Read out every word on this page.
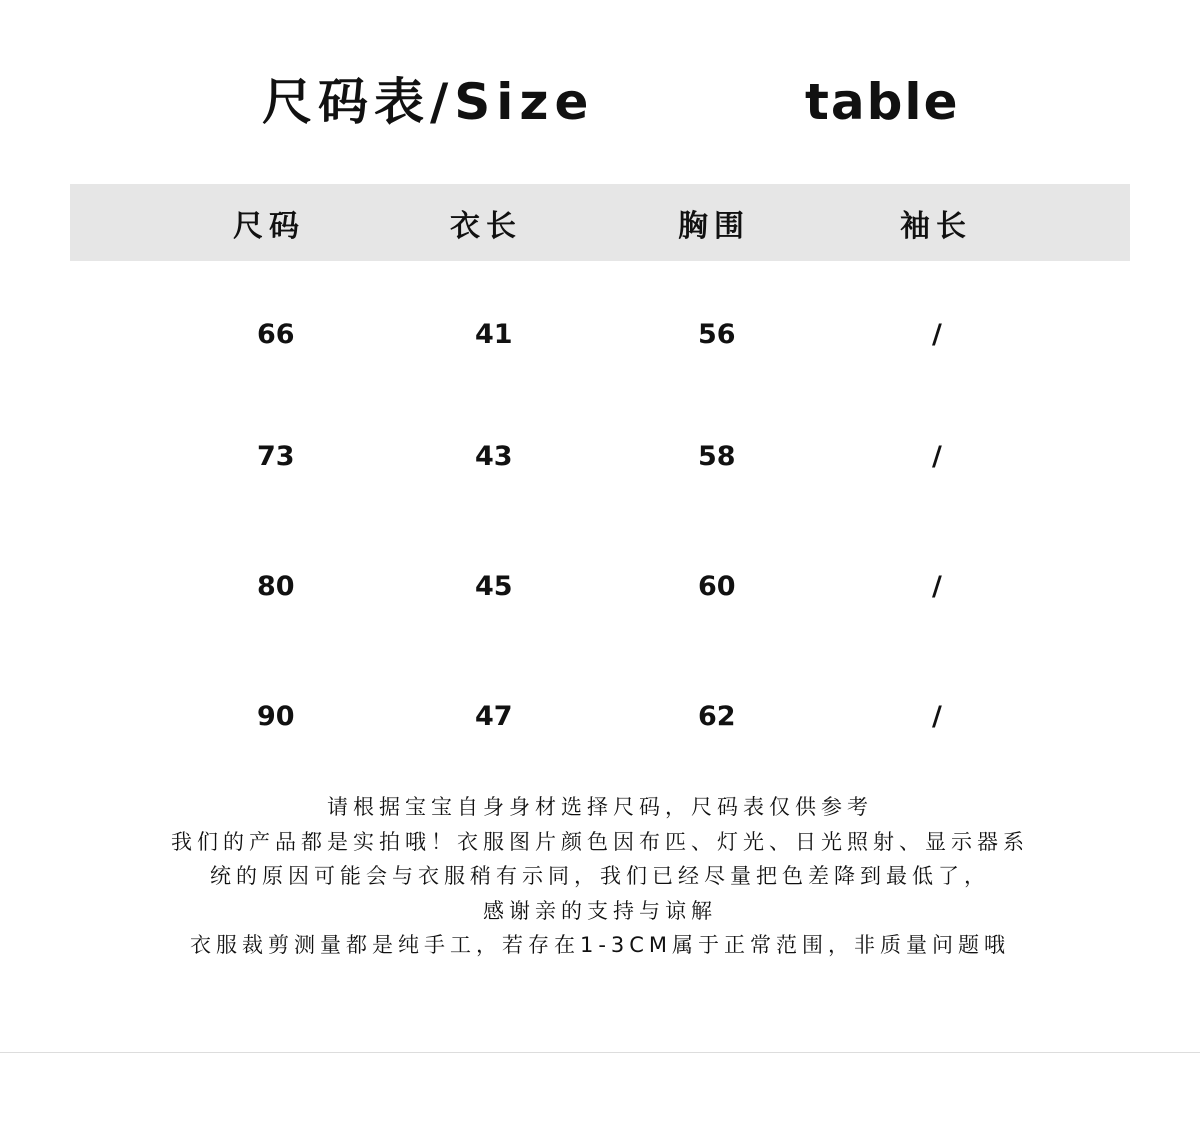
尺码表/Size	table
尺码	衣长	胸围	袖长
66	41	56	/
73	43	58	/
80	45	60	/
90	47	62	/
请根据宝宝自身身材选择尺码，尺码表仅供参考
我们的产品都是实拍哦！衣服图片颜色因布匹、灯光、日光照射、显示器系
统的原因可能会与衣服稍有示同，我们已经尽量把色差降到最低了，
感谢亲的支持与谅解
衣服裁剪测量都是纯手工，若存在1-3CM属于正常范围，非质量问题哦
